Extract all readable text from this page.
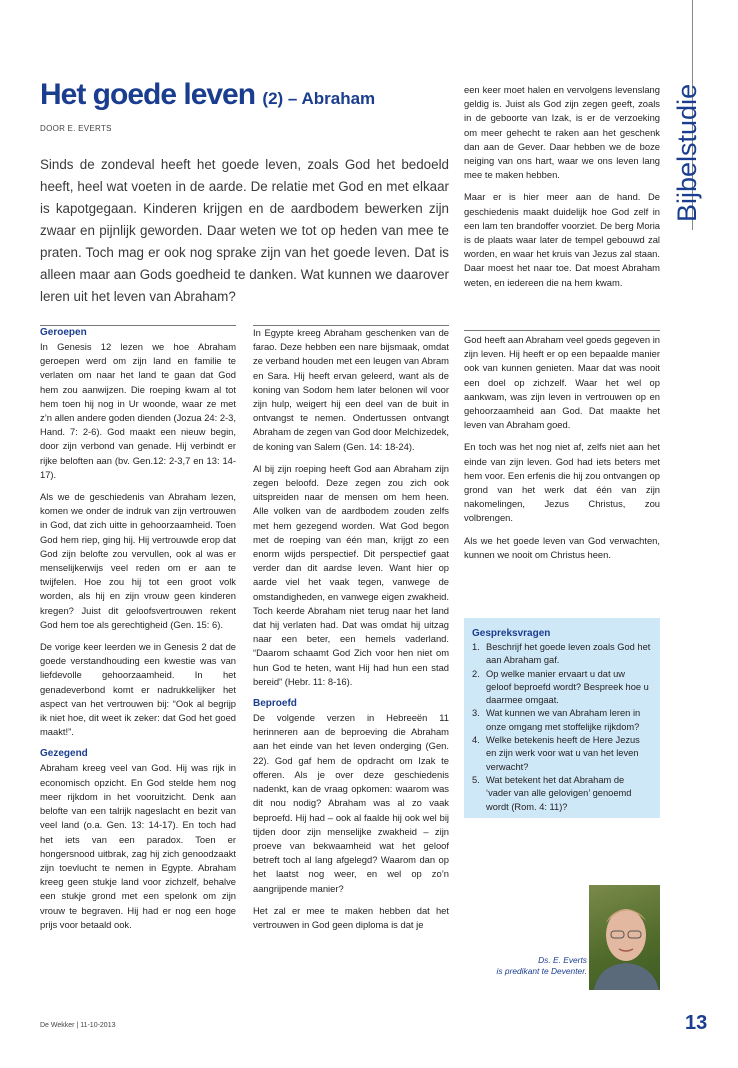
Bijbelstudie
Het goede leven (2) – Abraham
DOOR E. EVERTS

Sinds de zondeval heeft het goede leven, zoals God het bedoeld heeft, heel wat voeten in de aarde. De relatie met God en met elkaar is kapotgegaan. Kinderen krijgen en de aardbodem bewerken zijn zwaar en pijnlijk geworden. Daar weten we tot op heden van mee te praten. Toch mag er ook nog sprake zijn van het goede leven. Dat is alleen maar aan Gods goedheid te danken. Wat kunnen we daarover leren uit het leven van Abraham?

Geroepen

In Genesis 12 lezen we hoe Abraham geroepen werd om zijn land en familie te verlaten om naar het land te gaan dat God hem zou aanwijzen. Die roeping kwam al tot hem toen hij nog in Ur woonde, waar ze met z’n allen andere goden dienden (Jozua 24: 2-3, Hand. 7: 2-6). God maakt een nieuw begin, door zijn verbond van genade. Hij verbindt er rijke beloften aan (bv. Gen.12: 2-3,7 en 13: 14-17).

Als we de geschiedenis van Abraham lezen, komen we onder de indruk van zijn vertrouwen in God, dat zich uitte in gehoorzaamheid. Toen God hem riep, ging hij. Hij vertrouwde erop dat God zijn belofte zou vervullen, ook al was er menselijkerwijs veel reden om er aan te twijfelen. Hoe zou hij tot een groot volk worden, als hij en zijn vrouw geen kinderen kregen? Juist dit geloofsvertrouwen rekent God hem toe als gerechtigheid (Gen. 15: 6).

De vorige keer leerden we in Genesis 2 dat de goede verstandhouding een kwestie was van liefdevolle gehoorzaamheid. In het genadeverbond komt er nadrukkelijker het aspect van het vertrouwen bij: “Ook al begrijp ik niet hoe, dit weet ik zeker: dat God het goed maakt!”.

Gezegend

Abraham kreeg veel van God. Hij was rijk in economisch opzicht. En God stelde hem nog meer rijkdom in het vooruitzicht. Denk aan belofte van een talrijk nageslacht en bezit van veel land (o.a. Gen. 13: 14-17). En toch had het iets van een paradox. Toen er hongersnood uitbrak, zag hij zich genoodzaakt zijn toevlucht te nemen in Egypte. Abraham kreeg geen stukje land voor zichzelf, behalve een stukje grond met een spelonk om zijn vrouw te begraven. Hij had er nog een hoge prijs voor betaald ook.

In Egypte kreeg Abraham geschenken van de farao. Deze hebben een nare bijsmaak, omdat ze verband houden met een leugen van Abram en Sara. Hij heeft ervan geleerd, want als de koning van Sodom hem later belonen wil voor zijn hulp, weigert hij een deel van de buit in ontvangst te nemen. Ondertussen ontvangt Abraham de zegen van God door Melchizedek, de koning van Salem (Gen. 14: 18-24).

Al bij zijn roeping heeft God aan Abraham zijn zegen beloofd. Deze zegen zou zich ook uitspreiden naar de mensen om hem heen. Alle volken van de aardbodem zouden zelfs met hem gezegend worden. Wat God begon met de roeping van één man, krijgt zo een enorm wijds perspectief. Dit perspectief gaat verder dan dit aardse leven. Want hier op aarde viel het vaak tegen, vanwege de omstandigheden, en vanwege eigen zwakheid. Toch keerde Abraham niet terug naar het land dat hij verlaten had. Dat was omdat hij uitzag naar een beter, een hemels vaderland. “Daarom schaamt God Zich voor hen niet om hun God te heten, want Hij had hun een stad bereid” (Hebr. 11: 8-16).

Beproefd

De volgende verzen in Hebreeën 11 herinneren aan de beproeving die Abraham aan het einde van het leven onderging (Gen. 22). God gaf hem de opdracht om Izak te offeren. Als je over deze geschiedenis nadenkt, kan de vraag opkomen: waarom was dit nou nodig? Abraham was al zo vaak beproefd. Hij had – ook al faalde hij ook wel bij tijden door zijn menselijke zwakheid – zijn proeve van bekwaamheid wat het geloof betreft toch al lang afgelegd? Waarom dan op het laatst nog weer, en wel op zo’n aangrijpende manier?

Het zal er mee te maken hebben dat het vertrouwen in God geen diploma is dat je

een keer moet halen en vervolgens levenslang geldig is. Juist als God zijn zegen geeft, zoals in de geboorte van Izak, is er de verzoeking om meer gehecht te raken aan het geschenk dan aan de Gever. Daar hebben we de boze neiging van ons hart, waar we ons leven lang mee te maken hebben.

Maar er is hier meer aan de hand. De geschiedenis maakt duidelijk hoe God zelf in een lam ten brandoffer voorziet. De berg Moria is de plaats waar later de tempel gebouwd zal worden, en waar het kruis van Jezus zal staan. Daar moest het naar toe. Dat moest Abraham weten, en iedereen die na hem kwam.

God heeft aan Abraham veel goeds gegeven in zijn leven. Hij heeft er op een bepaalde manier ook van kunnen genieten. Maar dat was nooit een doel op zichzelf. Waar het wel op aankwam, was zijn leven in vertrouwen op en gehoorzaamheid aan God. Dat maakte het leven van Abraham goed.

En toch was het nog niet af, zelfs niet aan het einde van zijn leven. God had iets beters met hem voor. Een erfenis die hij zou ontvangen op grond van het werk dat één van zijn nakomelingen, Jezus Christus, zou volbrengen.

Als we het goede leven van God verwachten, kunnen we nooit om Christus heen.

Gespreksvragen
1. Beschrijf het goede leven zoals God het aan Abraham gaf.
2. Op welke manier ervaart u dat uw geloof beproefd wordt? Bespreek hoe u daarmee omgaat.
3. Wat kunnen we van Abraham leren in onze omgang met stoffelijke rijkdom?
4. Welke betekenis heeft de Here Jezus en zijn werk voor wat u van het leven verwacht?
5. Wat betekent het dat Abraham de ‘vader van alle gelovigen’ genoemd wordt (Rom. 4: 11)?
Ds. E. Everts
is predikant te Deventer.
De Wekker | 11-10-2013	13
